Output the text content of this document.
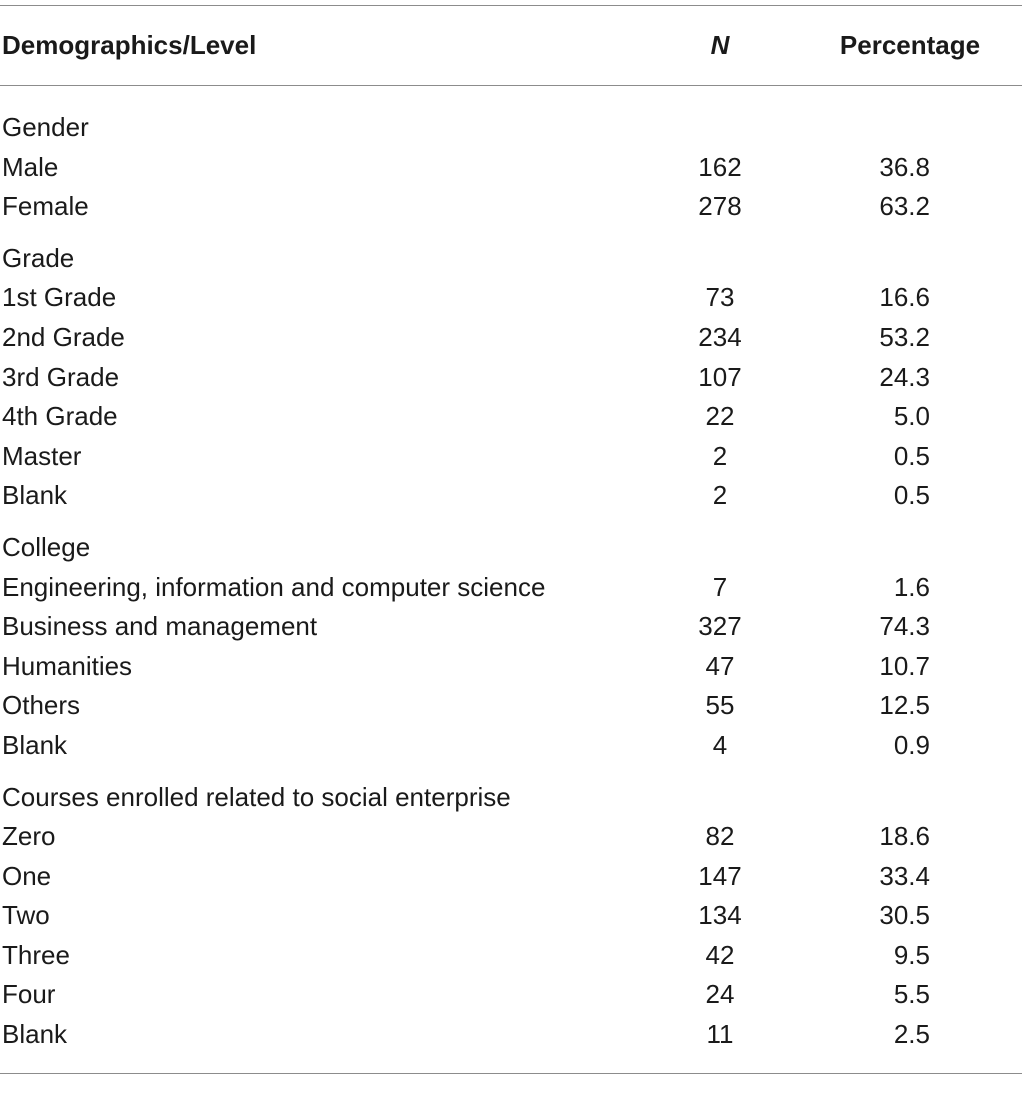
Demographics/Level	N	Percentage
Gender
Male	162	36.8
Female	278	63.2
Grade
1st Grade	73	16.6
2nd Grade	234	53.2
3rd Grade	107	24.3
4th Grade	22	5.0
Master	2	0.5
Blank	2	0.5
College
Engineering, information and computer science	7	1.6
Business and management	327	74.3
Humanities	47	10.7
Others	55	12.5
Blank	4	0.9
Courses enrolled related to social enterprise
Zero	82	18.6
One	147	33.4
Two	134	30.5
Three	42	9.5
Four	24	5.5
Blank	11	2.5
